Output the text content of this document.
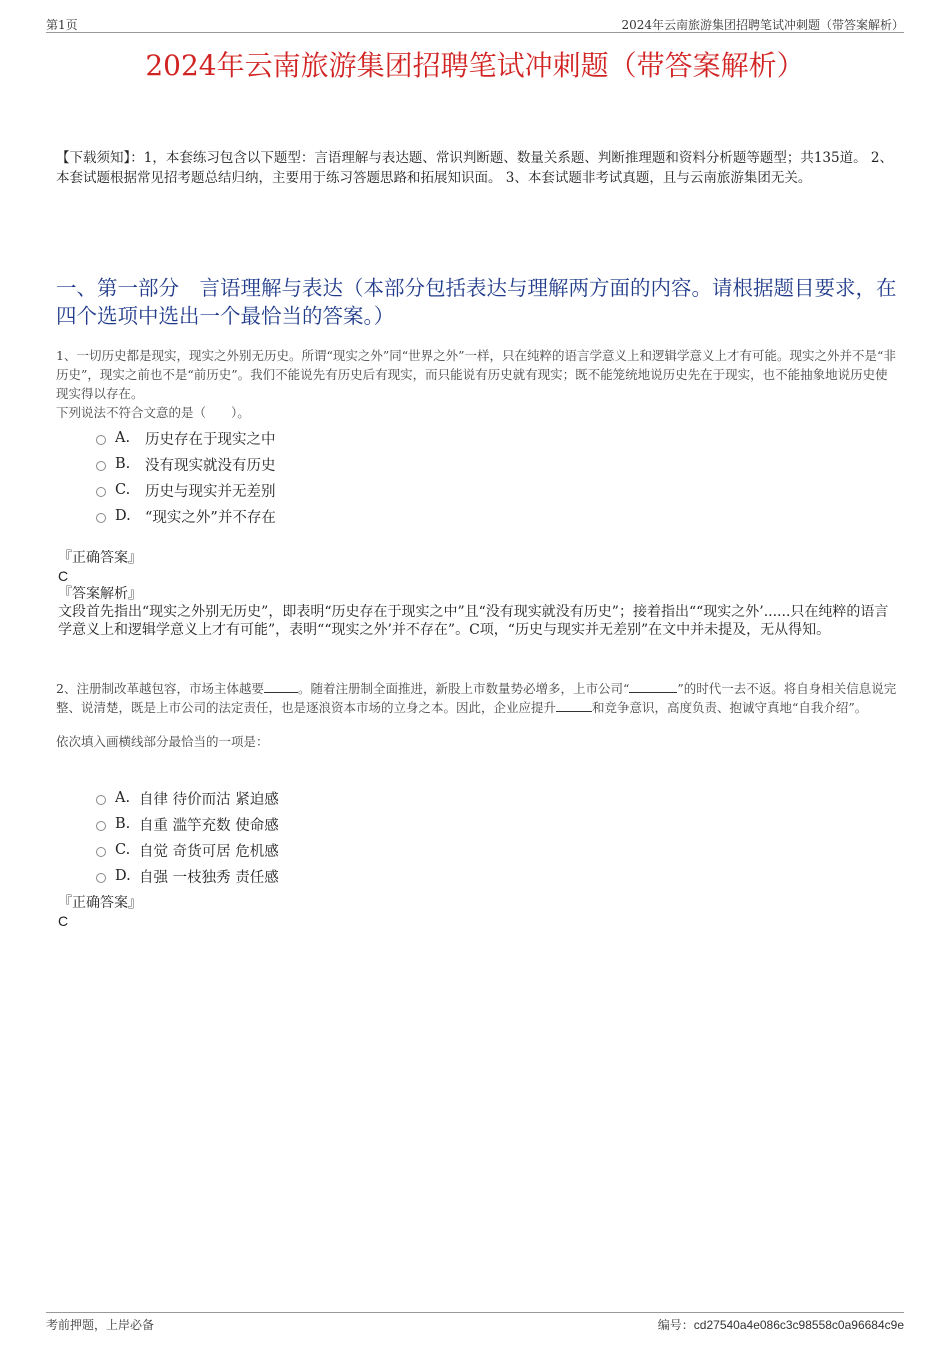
第1页	2024年云南旅游集团招聘笔试冲刺题（带答案解析）
2024年云南旅游集团招聘笔试冲刺题（带答案解析）
【下载须知】：1，本套练习包含以下题型：言语理解与表达题、常识判断题、数量关系题、判断推理题和资料分析题等题型；共135道。 2、本套试题根据常见招考题总结归纳，主要用于练习答题思路和拓展知识面。 3、本套试题非考试真题，且与云南旅游集团无关。
一、第一部分　言语理解与表达（本部分包括表达与理解两方面的内容。请根据题目要求，在四个选项中选出一个最恰当的答案。）
1、一切历史都是现实，现实之外别无历史。所谓“现实之外”同“世界之外”一样，只在纯粹的语言学意义上和逻辑学意义上才有可能。现实之外并不是“非历史”，现实之前也不是“前历史”。我们不能说先有历史后有现实，而只能说有历史就有现实；既不能笼统地说历史先在于现实，也不能抽象地说历史使现实得以存在。
下列说法不符合文意的是（　　）。
A.	历史存在于现实之中
B.	没有现实就没有历史
C.	历史与现实并无差别
D. “现实之外”并不存在
『正确答案』
C
『答案解析』
文段首先指出“现实之外别无历史”，即表明“历史存在于现实之中”且“没有现实就没有历史”；接着指出““现实之外’......只在纯粹的语言学意义上和逻辑学意义上才有可能”，表明““现实之外’并不存在”。C项，“历史与现实并无差别”在文中并未提及，无从得知。
2、注册制改革越包容，市场主体越要	。随着注册制全面推进，新股上市数量势必增多，上市公司“	”的时代一去不返。将自身相关信息说完整、说清楚，既是上市公司的法定责任，也是逐浪资本市场的立身之本。因此，企业应提升	和竞争意识，高度负责、抱诚守真地“自我介绍”。
依次填入画横线部分最恰当的一项是：
A. 自律 待价而沽 紧迫感
B. 自重 滥竽充数 使命感
C. 自觉 奇货可居 危机感
D. 自强 一枝独秀 责任感
『正确答案』
C
考前押题，上岸必备	编号：cd27540a4e086c3c98558c0a96684c9e
